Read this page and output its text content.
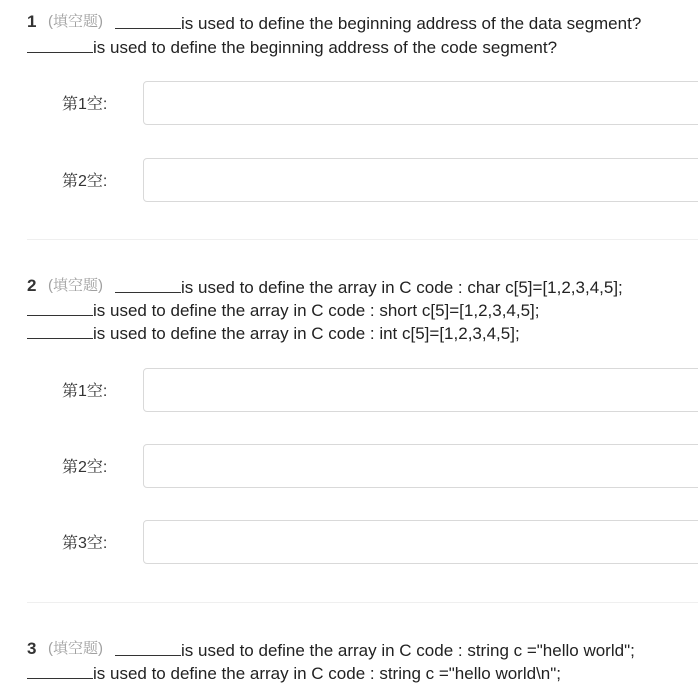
1 (填空题)	is used to define the beginning address of the data segment?
is used to define the beginning address of the code segment?
第1空:
第2空:
2 (填空题)	is used to define the array in C code : char c[5]=[1,2,3,4,5];
is used to define the array in C code : short c[5]=[1,2,3,4,5];
is used to define the array in C code : int c[5]=[1,2,3,4,5];
第1空:
第2空:
第3空:
3 (填空题)	is used to define the array in C code : string c ="hello world";
is used to define the array in C code : string c ="hello world\n";
